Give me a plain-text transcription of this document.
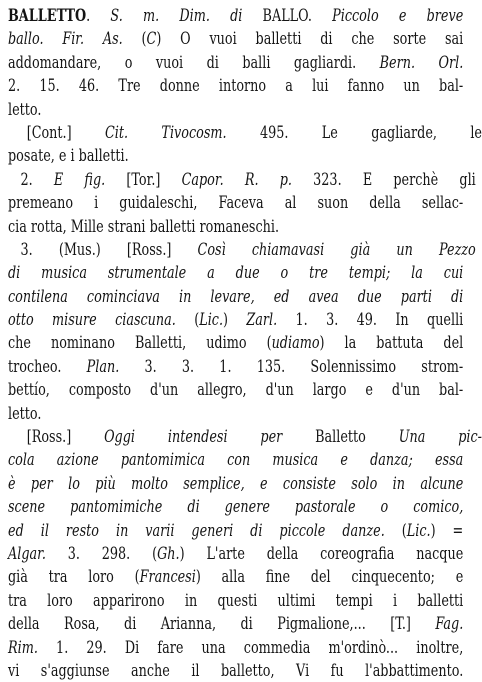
BALLETTO. S. m. Dim. di BALLO. Piccolo e breve
ballo. Fir. As. (C) O vuoi balletti di che sorte sai
addomandare, o vuoi di balli gagliardi. Bern. Orl.
2. 15. 46. Tre donne intorno a lui fanno un bal-
letto.
[Cont.] Cit. Tivocosm. 495. Le gagliarde, le
posate, e i balletti.
2. E fig. [Tor.] Capor. R. p. 323. E perchè gli
premeano i guidaleschi, Faceva al suon della sellac-
cia rotta, Mille strani balletti romaneschi.
3. (Mus.) [Ross.] Così chiamavasi già un Pezzo
di musica strumentale a due o tre tempi; la cui
contilena cominciava in levare, ed avea due parti di
otto misure ciascuna. (Lic.) Zarl. 1. 3. 49. In quelli
che nominano Balletti, udimo (udiamo) la battuta del
trocheo. Plan. 3. 3. 1. 135. Solennissimo strom-
bettío, composto d'un allegro, d'un largo e d'un bal-
letto.
[Ross.] Oggi intendesi per Balletto Una pic-
cola azione pantomimica con musica e danza; essa
è per lo più molto semplice, e consiste solo in alcune
scene pantomimiche di genere pastorale o comico,
ed il resto in varii generi di piccole danze. (Lic.) =
Algar. 3. 298. (Gh.) L'arte della coreografia nacque
già tra loro (Francesi) alla fine del cinquecento; e
tra loro apparirono in questi ultimi tempi i balletti
della Rosa, di Arianna, di Pigmalione,... [T.] Fag.
Rim. 1. 29. Di fare una commedia m'ordinò... inoltre,
vi s'aggiunse anche il balletto, Vi fu l'abbattimento.
